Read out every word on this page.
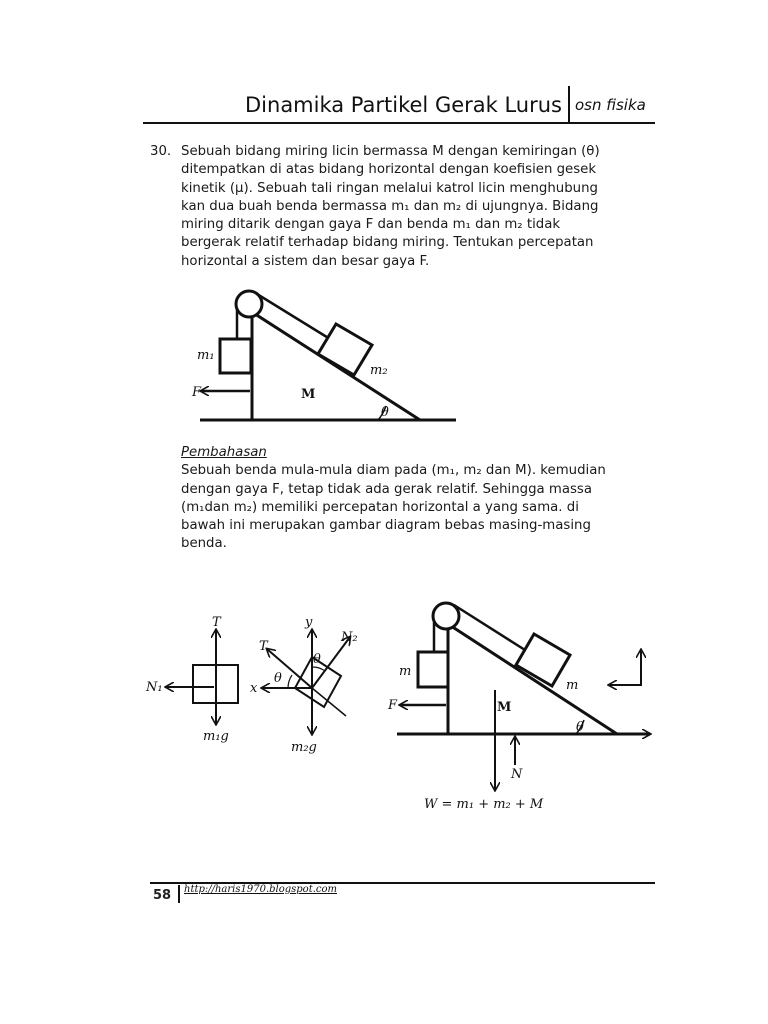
Dinamika Partikel Gerak Lurus osn fisika
30. Sebuah bidang miring licin bermassa M dengan kemiringan (θ)
ditempatkan di atas bidang horizontal dengan koefisien gesek
kinetik (μ). Sebuah tali ringan melalui katrol licin menghubung
kan dua buah benda bermassa m₁ dan m₂ di ujungnya. Bidang
miring ditarik dengan gaya F dan benda m₁ dan m₂ tidak
bergerak relatif terhadap bidang miring. Tentukan percepatan
horizontal a sistem dan besar gaya F.
Pembahasan
Sebuah benda mula-mula diam pada (m₁, m₂ dan M). kemudian
dengan gaya F, tetap tidak ada gerak relatif. Sehingga massa
(m₁dan m₂) memiliki percepatan horizontal a yang sama. di
bawah ini merupakan gambar diagram bebas masing-masing
benda.
m₁
m₂
F	M
θ
T
N₁
m₁g
y
T
N₂
θ
θ
x
m₂g
m
m
F	M
θ
N
W = m₁ + m₂ + M
58 http://haris1970.blogspot.com
